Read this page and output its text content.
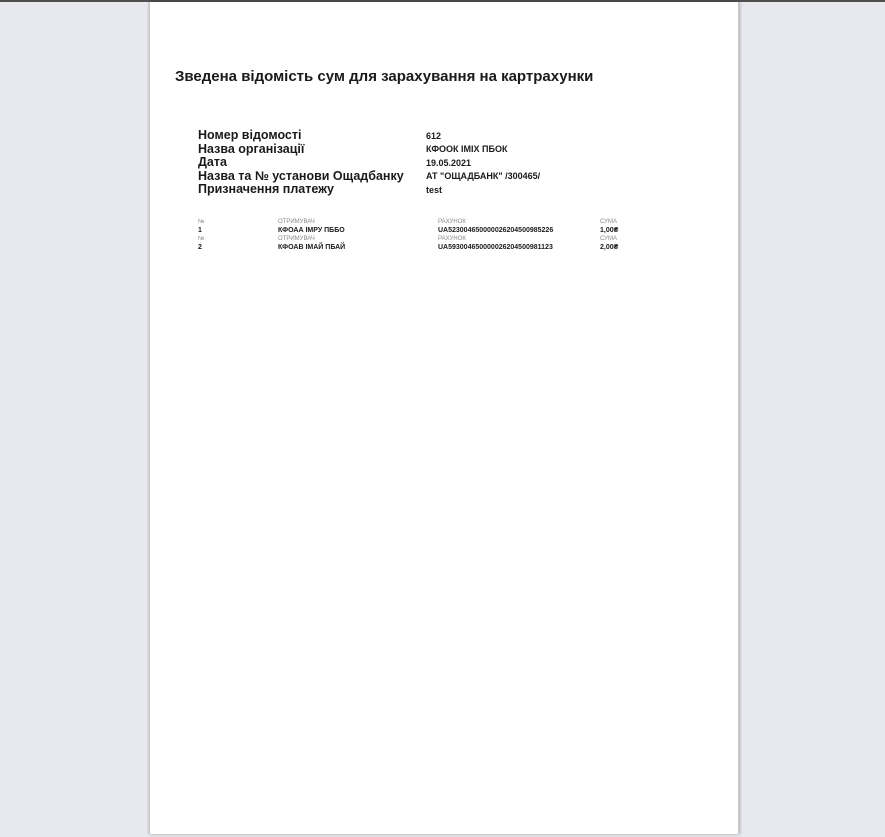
Зведена відомість сум для зарахування на картрахунки
Номер відомості	612
Назва організації	КФООК ІМІХ ПБОК
Дата	19.05.2021
Назва та № установи Ощадбанку	АТ "ОЩАДБАНК" /300465/
Призначення платежу	test
№	ОТРИМУВАЧ	РАХУНОК	СУМА
1	КФОАА ІМРУ ПББО	UA523004650000026204500985226	1,00₴
№	ОТРИМУВАЧ	РАХУНОК	СУМА
2	КФОАВ ІМАЙ ПБАЙ	UA593004650000026204500981123	2,00₴
